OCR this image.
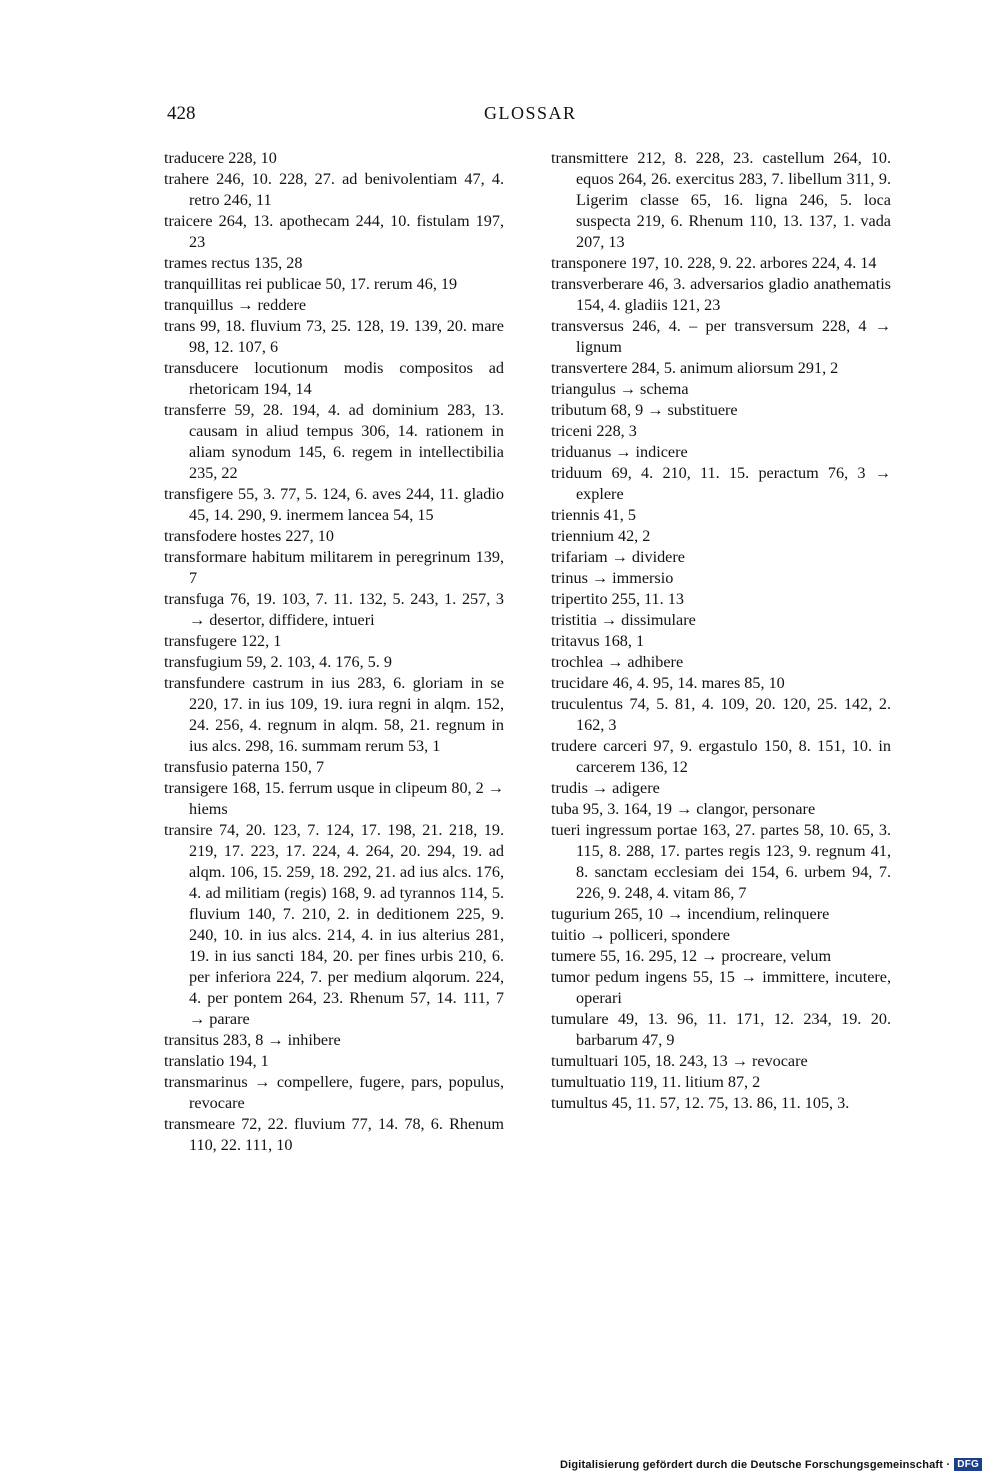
428	GLOSSAR

traducere 228, 10

trahere 246, 10. 228, 27. ad benivolentiam 47, 4. retro 246, 11

traicere 264, 13. apothecam 244, 10. fistulam 197, 23

trames rectus 135, 28

tranquillitas rei publicae 50, 17. rerum 46, 19

tranquillus → reddere

trans 99, 18. fluvium 73, 25. 128, 19. 139, 20. mare 98, 12. 107, 6

transducere locutionum modis compositos ad rhetoricam 194, 14

transferre 59, 28. 194, 4. ad dominium 283, 13. causam in aliud tempus 306, 14. rationem in aliam synodum 145, 6. regem in intellectibilia 235, 22

transfigere 55, 3. 77, 5. 124, 6. aves 244, 11. gladio 45, 14. 290, 9. inermem lancea 54, 15

transfodere hostes 227, 10

transformare habitum militarem in peregrinum 139, 7

transfuga 76, 19. 103, 7. 11. 132, 5. 243, 1. 257, 3 → desertor, diffidere, intueri

transfugere 122, 1

transfugium 59, 2. 103, 4. 176, 5. 9

transfundere castrum in ius 283, 6. gloriam in se 220, 17. in ius 109, 19. iura regni in alqm. 152, 24. 256, 4. regnum in alqm. 58, 21. regnum in ius alcs. 298, 16. summam rerum 53, 1

transfusio paterna 150, 7

transigere 168, 15. ferrum usque in clipeum 80, 2 → hiems

transire 74, 20. 123, 7. 124, 17. 198, 21. 218, 19. 219, 17. 223, 17. 224, 4. 264, 20. 294, 19. ad alqm. 106, 15. 259, 18. 292, 21. ad ius alcs. 176, 4. ad militiam (regis) 168, 9. ad tyrannos 114, 5. fluvium 140, 7. 210, 2. in deditionem 225, 9. 240, 10. in ius alcs. 214, 4. in ius alterius 281, 19. in ius sancti 184, 20. per fines urbis 210, 6. per inferiora 224, 7. per medium alqorum. 224, 4. per pontem 264, 23. Rhenum 57, 14. 111, 7 → parare

transitus 283, 8 → inhibere

translatio 194, 1

transmarinus → compellere, fugere, pars, populus, revocare

transmeare 72, 22. fluvium 77, 14. 78, 6. Rhenum 110, 22. 111, 10

transmittere 212, 8. 228, 23. castellum 264, 10. equos 264, 26. exercitus 283, 7. libellum 311, 9. Ligerim classe 65, 16. ligna 246, 5. loca suspecta 219, 6. Rhenum 110, 13. 137, 1. vada 207, 13

transponere 197, 10. 228, 9. 22. arbores 224, 4. 14

transverberare 46, 3. adversarios gladio anathematis 154, 4. gladiis 121, 23

transversus 246, 4. – per transversum 228, 4 → lignum

transvertere 284, 5. animum aliorsum 291, 2

triangulus → schema

tributum 68, 9 → substituere

triceni 228, 3

triduanus → indicere

triduum 69, 4. 210, 11. 15. peractum 76, 3 → explere

triennis 41, 5

triennium 42, 2

trifariam → dividere

trinus → immersio

tripertito 255, 11. 13

tristitia → dissimulare

tritavus 168, 1

trochlea → adhibere

trucidare 46, 4. 95, 14. mares 85, 10

truculentus 74, 5. 81, 4. 109, 20. 120, 25. 142, 2. 162, 3

trudere carceri 97, 9. ergastulo 150, 8. 151, 10. in carcerem 136, 12

trudis → adigere

tuba 95, 3. 164, 19 → clangor, personare

tueri ingressum portae 163, 27. partes 58, 10. 65, 3. 115, 8. 288, 17. partes regis 123, 9. regnum 41, 8. sanctam ecclesiam dei 154, 6. urbem 94, 7. 226, 9. 248, 4. vitam 86, 7

tugurium 265, 10 → incendium, relinquere

tuitio → polliceri, spondere

tumere 55, 16. 295, 12 → procreare, velum

tumor pedum ingens 55, 15 → immittere, incutere, operari

tumulare 49, 13. 96, 11. 171, 12. 234, 19. 20. barbarum 47, 9

tumultuari 105, 18. 243, 13 → revocare

tumultuatio 119, 11. litium 87, 2

tumultus 45, 11. 57, 12. 75, 13. 86, 11. 105, 3.

Digitalisierung gefördert durch die Deutsche Forschungsgemeinschaft · DFG
